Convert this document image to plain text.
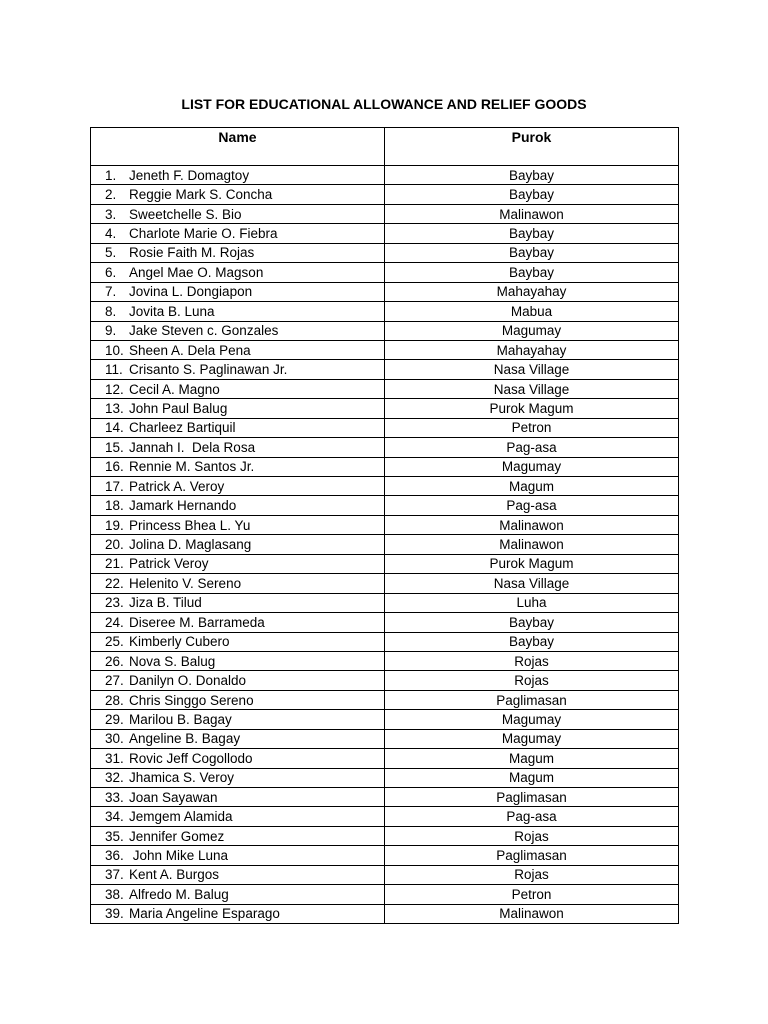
LIST FOR EDUCATIONAL ALLOWANCE AND RELIEF GOODS
Name	Purok
1. Jeneth F. Domagtoy	Baybay
2. Reggie Mark S. Concha	Baybay
3. Sweetchelle S. Bio	Malinawon
4. Charlote Marie O. Fiebra	Baybay
5. Rosie Faith M. Rojas	Baybay
6. Angel Mae O. Magson	Baybay
7. Jovina L. Dongiapon	Mahayahay
8. Jovita B. Luna	Mabua
9. Jake Steven c. Gonzales	Magumay
10. Sheen A. Dela Pena	Mahayahay
11. Crisanto S. Paglinawan Jr.	Nasa Village
12. Cecil A. Magno	Nasa Village
13. John Paul Balug	Purok Magum
14. Charleez Bartiquil	Petron
15. Jannah I.  Dela Rosa	Pag-asa
16. Rennie M. Santos Jr.	Magumay
17. Patrick A. Veroy	Magum
18. Jamark Hernando	Pag-asa
19. Princess Bhea L. Yu	Malinawon
20. Jolina D. Maglasang	Malinawon
21. Patrick Veroy	Purok Magum
22. Helenito V. Sereno	Nasa Village
23. Jiza B. Tilud	Luha
24. Diseree M. Barrameda	Baybay
25. Kimberly Cubero	Baybay
26. Nova S. Balug	Rojas
27. Danilyn O. Donaldo	Rojas
28. Chris Singgo Sereno	Paglimasan
29. Marilou B. Bagay	Magumay
30. Angeline B. Bagay	Magumay
31. Rovic Jeff Cogollodo	Magum
32. Jhamica S. Veroy	Magum
33. Joan Sayawan	Paglimasan
34. Jemgem Alamida	Pag-asa
35. Jennifer Gomez	Rojas
36. John Mike Luna	Paglimasan
37. Kent A. Burgos	Rojas
38. Alfredo M. Balug	Petron
39. Maria Angeline Esparago	Malinawon
